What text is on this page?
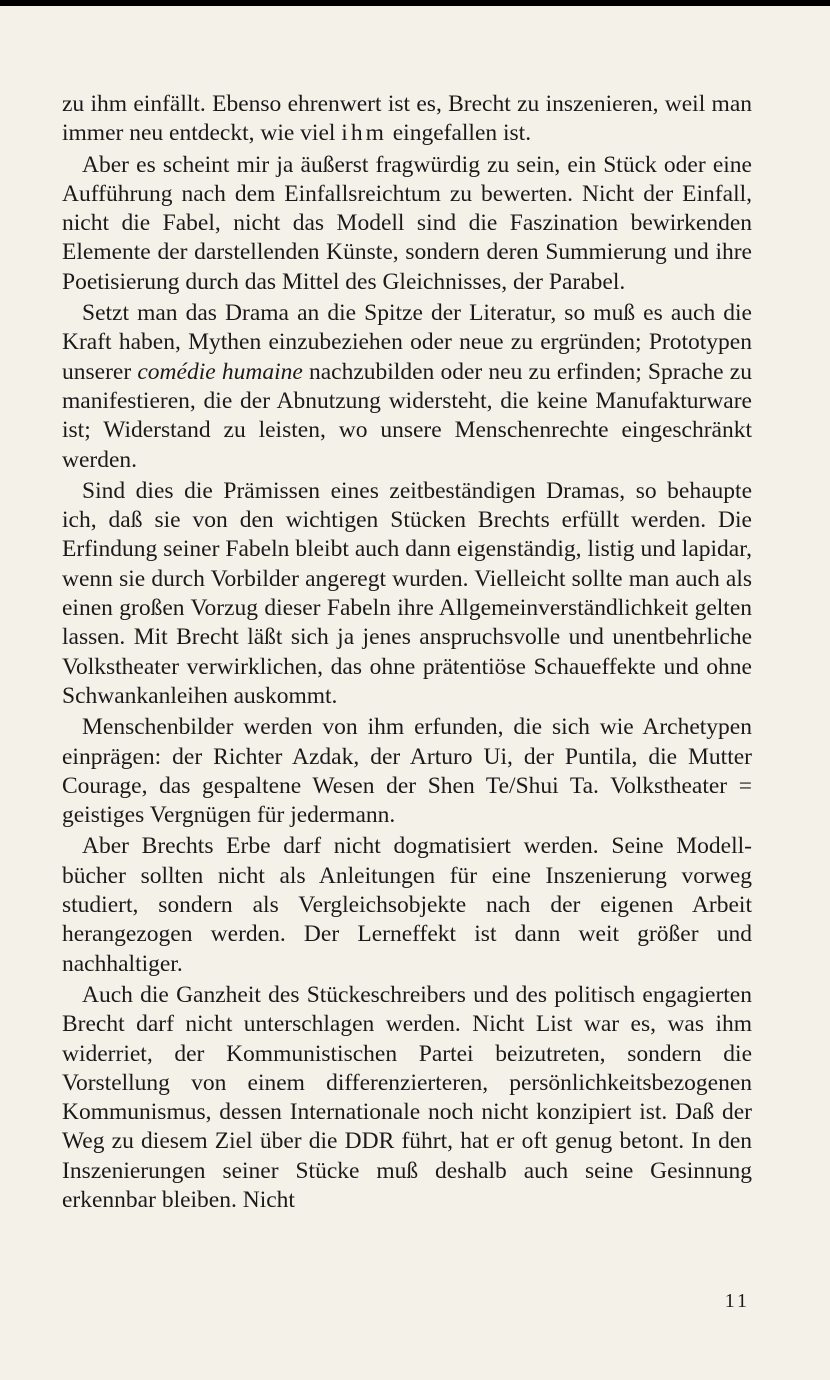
zu ihm einfällt. Ebenso ehrenwert ist es, Brecht zu inszenieren, weil man immer neu entdeckt, wie viel ihm eingefallen ist.

Aber es scheint mir ja äußerst fragwürdig zu sein, ein Stück oder eine Aufführung nach dem Einfallsreichtum zu bewerten. Nicht der Einfall, nicht die Fabel, nicht das Modell sind die Faszination bewirkenden Elemente der darstellenden Künste, sondern deren Summierung und ihre Poetisierung durch das Mittel des Gleichnisses, der Parabel.

Setzt man das Drama an die Spitze der Literatur, so muß es auch die Kraft haben, Mythen einzubeziehen oder neue zu ergründen; Prototypen unserer comédie humaine nachzubilden oder neu zu erfinden; Sprache zu manifestieren, die der Abnutzung widersteht, die keine Manufakturware ist; Widerstand zu leisten, wo unsere Menschenrechte eingeschränkt werden.

Sind dies die Prämissen eines zeitbeständigen Dramas, so behaupte ich, daß sie von den wichtigen Stücken Brechts erfüllt werden. Die Erfindung seiner Fabeln bleibt auch dann eigenständig, listig und lapidar, wenn sie durch Vorbilder angeregt wurden. Vielleicht sollte man auch als einen großen Vorzug dieser Fabeln ihre Allgemeinverständlichkeit gelten lassen. Mit Brecht läßt sich ja jenes anspruchsvolle und unentbehrliche Volkstheater verwirklichen, das ohne prätentiöse Schaueffekte und ohne Schwankanleihen auskommt.

Menschenbilder werden von ihm erfunden, die sich wie Archetypen einprägen: der Richter Azdak, der Arturo Ui, der Puntila, die Mutter Courage, das gespaltene Wesen der Shen Te/Shui Ta. Volkstheater = geistiges Vergnügen für jedermann.

Aber Brechts Erbe darf nicht dogmatisiert werden. Seine Modellbücher sollten nicht als Anleitungen für eine Inszenierung vorweg studiert, sondern als Vergleichsobjekte nach der eigenen Arbeit herangezogen werden. Der Lerneffekt ist dann weit größer und nachhaltiger.

Auch die Ganzheit des Stückeschreibers und des politisch engagierten Brecht darf nicht unterschlagen werden. Nicht List war es, was ihm widerriet, der Kommunistischen Partei beizutreten, sondern die Vorstellung von einem differenzierteren, persönlichkeitsbezogenen Kommunismus, dessen Internationale noch nicht konzipiert ist. Daß der Weg zu diesem Ziel über die DDR führt, hat er oft genug betont. In den Inszenierungen seiner Stücke muß deshalb auch seine Gesinnung erkennbar bleiben. Nicht

11
